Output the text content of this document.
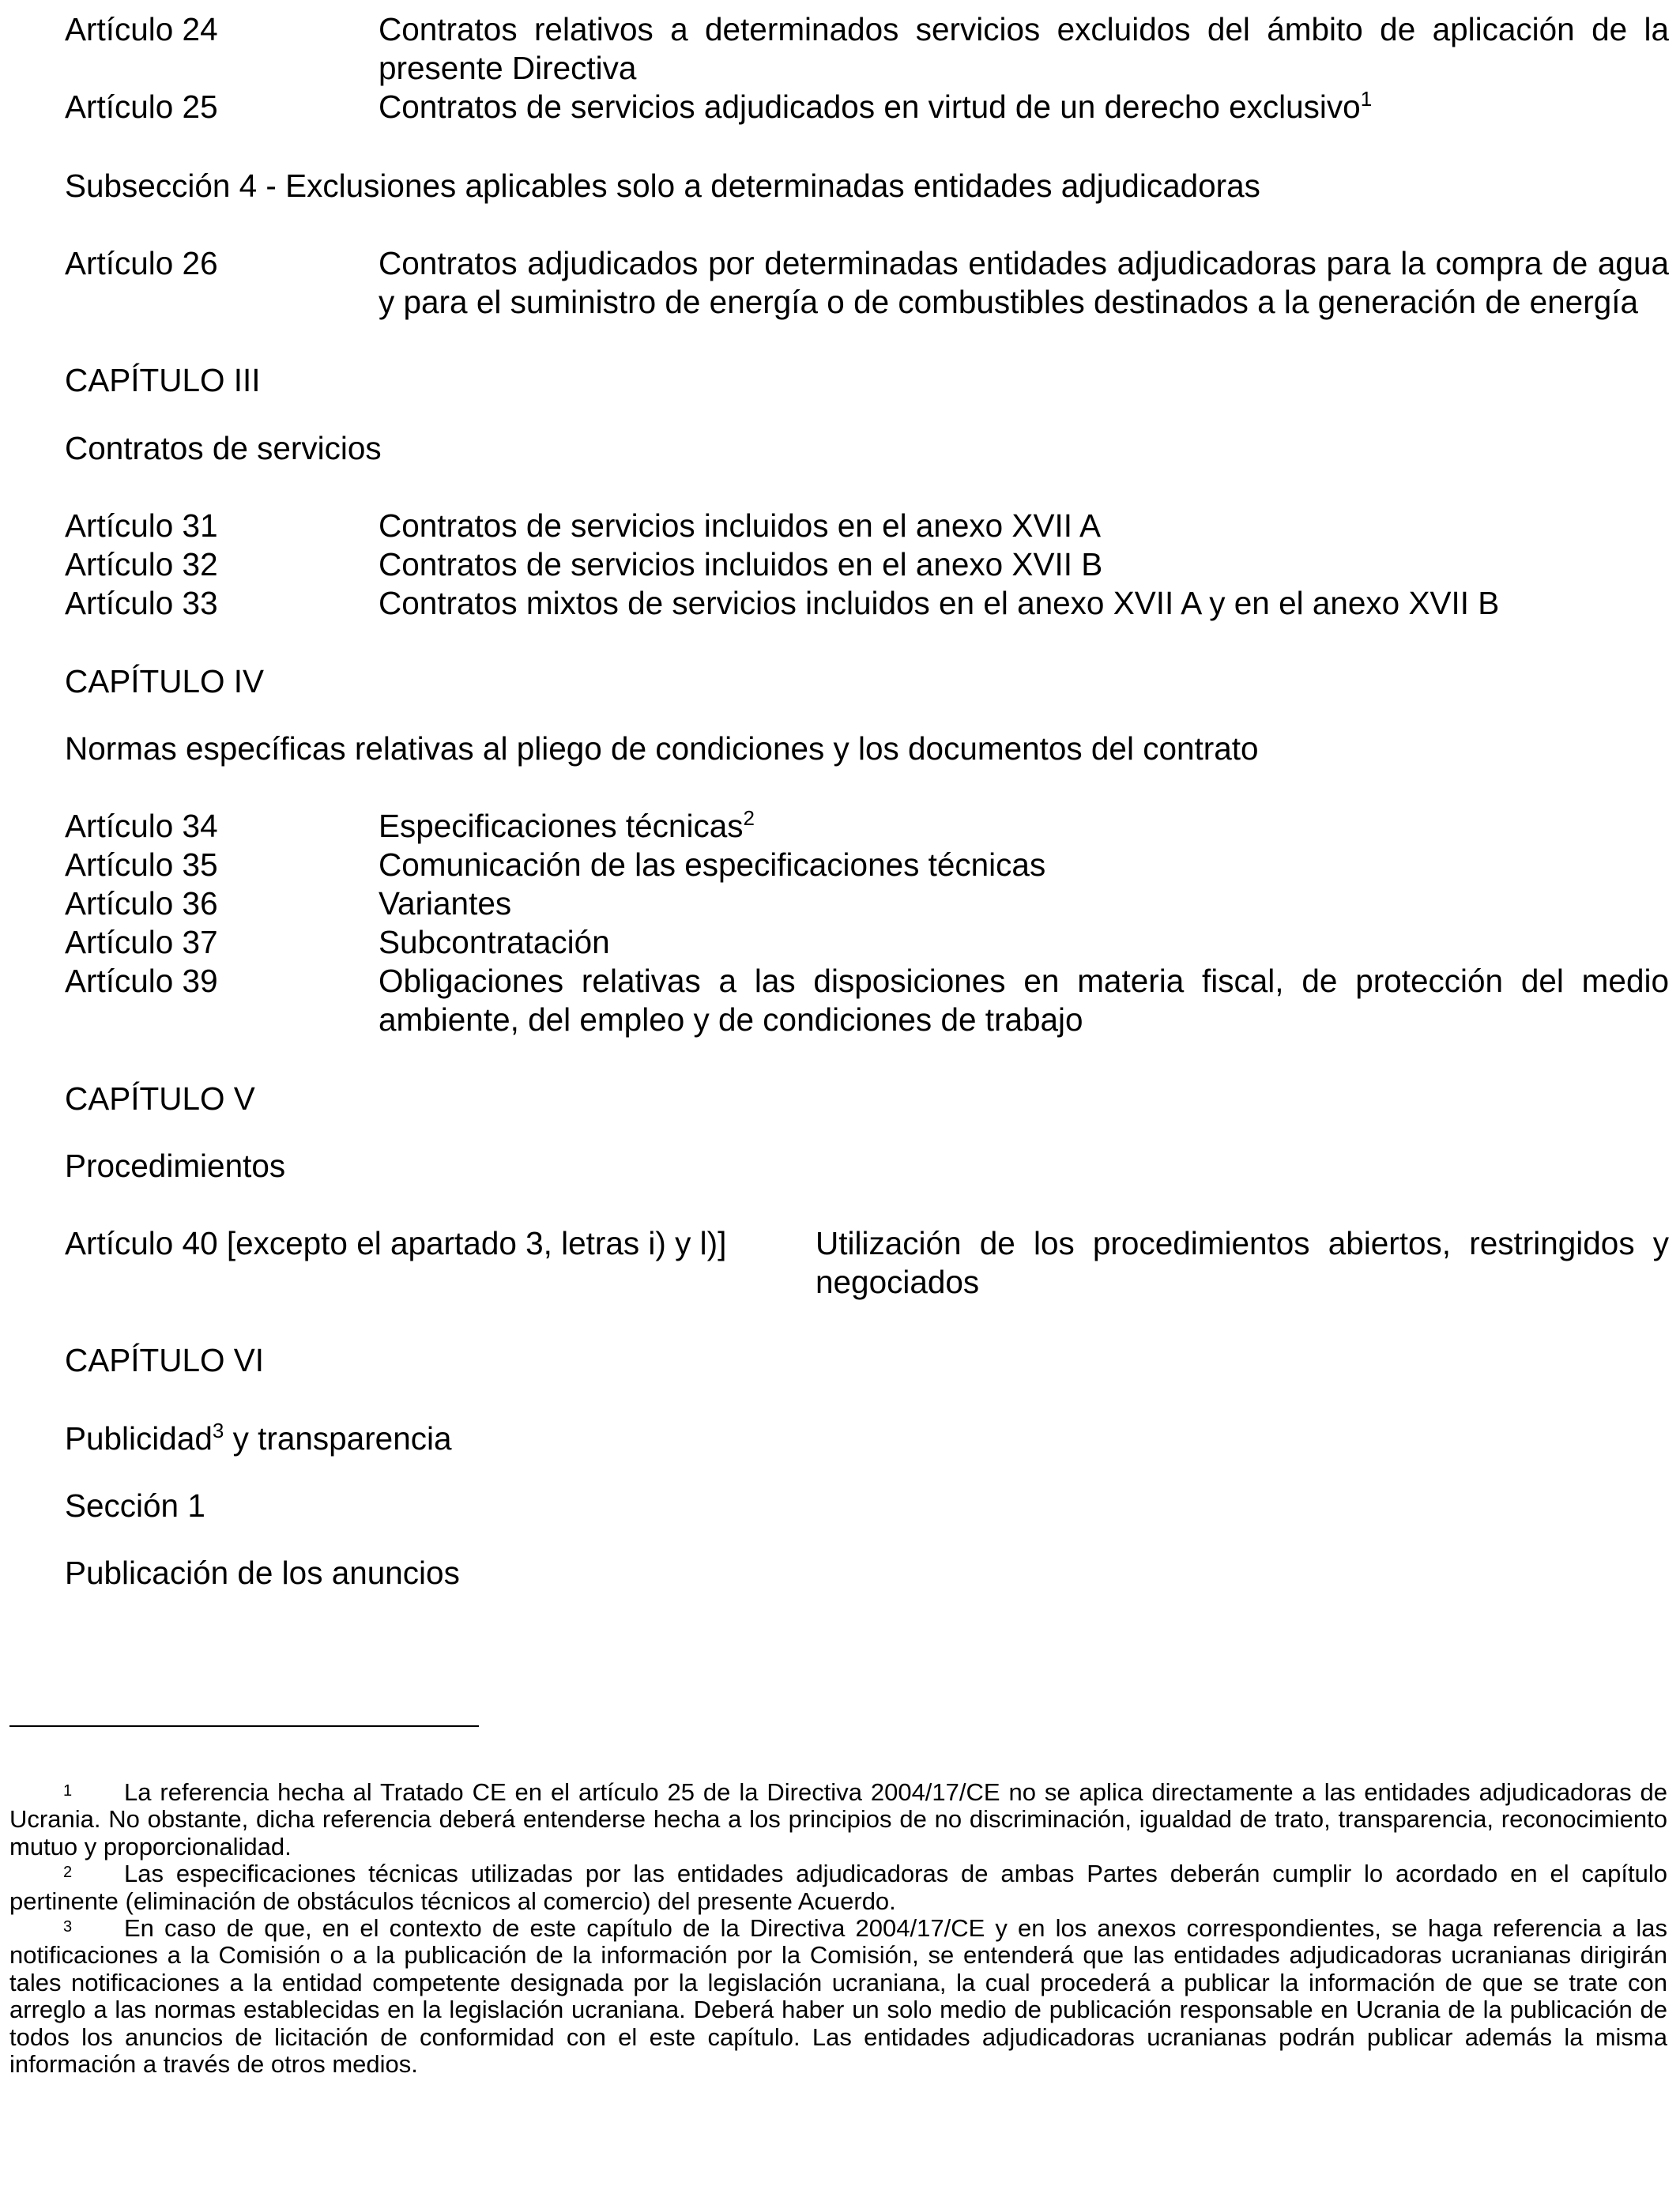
Artículo 24	Contratos relativos a determinados servicios excluidos del ámbito de aplicación de la presente Directiva
Artículo 25	Contratos de servicios adjudicados en virtud de un derecho exclusivo$^1$
Subsección 4 - Exclusiones aplicables solo a determinadas entidades adjudicadoras
Artículo 26	Contratos adjudicados por determinadas entidades adjudicadoras para la compra de agua y para el suministro de energía o de combustibles destinados a la generación de energía
CAPÍTULO III
Contratos de servicios
Artículo 31	Contratos de servicios incluidos en el anexo XVII A
Artículo 32	Contratos de servicios incluidos en el anexo XVII B
Artículo 33	Contratos mixtos de servicios incluidos en el anexo XVII A y en el anexo XVII B
CAPÍTULO IV
Normas específicas relativas al pliego de condiciones y los documentos del contrato
Artículo 34	Especificaciones técnicas$^2$
Artículo 35	Comunicación de las especificaciones técnicas
Artículo 36	Variantes
Artículo 37	Subcontratación
Artículo 39	Obligaciones relativas a las disposiciones en materia fiscal, de protección del medio ambiente, del empleo y de condiciones de trabajo
CAPÍTULO V
Procedimientos
Artículo 40 [excepto el apartado 3, letras i) y l)]	Utilización de los procedimientos abiertos, restringidos y negociados
CAPÍTULO VI
Publicidad$^3$ y transparencia
Sección 1
Publicación de los anuncios

1 La referencia hecha al Tratado CE en el artículo 25 de la Directiva 2004/17/CE no se aplica directamente a las entidades adjudicadoras de Ucrania. No obstante, dicha referencia deberá entenderse hecha a los principios de no discriminación, igualdad de trato, transparencia, reconocimiento mutuo y proporcionalidad.

2 Las especificaciones técnicas utilizadas por las entidades adjudicadoras de ambas Partes deberán cumplir lo acordado en el capítulo pertinente (eliminación de obstáculos técnicos al comercio) del presente Acuerdo.

3 En caso de que, en el contexto de este capítulo de la Directiva 2004/17/CE y en los anexos correspondientes, se haga referencia a las notificaciones a la Comisión o a la publicación de la información por la Comisión, se entenderá que las entidades adjudicadoras ucranianas dirigirán tales notificaciones a la entidad competente designada por la legislación ucraniana, la cual procederá a publicar la información de que se trate con arreglo a las normas establecidas en la legislación ucraniana. Deberá haber un solo medio de publicación responsable en Ucrania de la publicación de todos los anuncios de licitación de conformidad con el este capítulo. Las entidades adjudicadoras ucranianas podrán publicar además la misma información a través de otros medios.
